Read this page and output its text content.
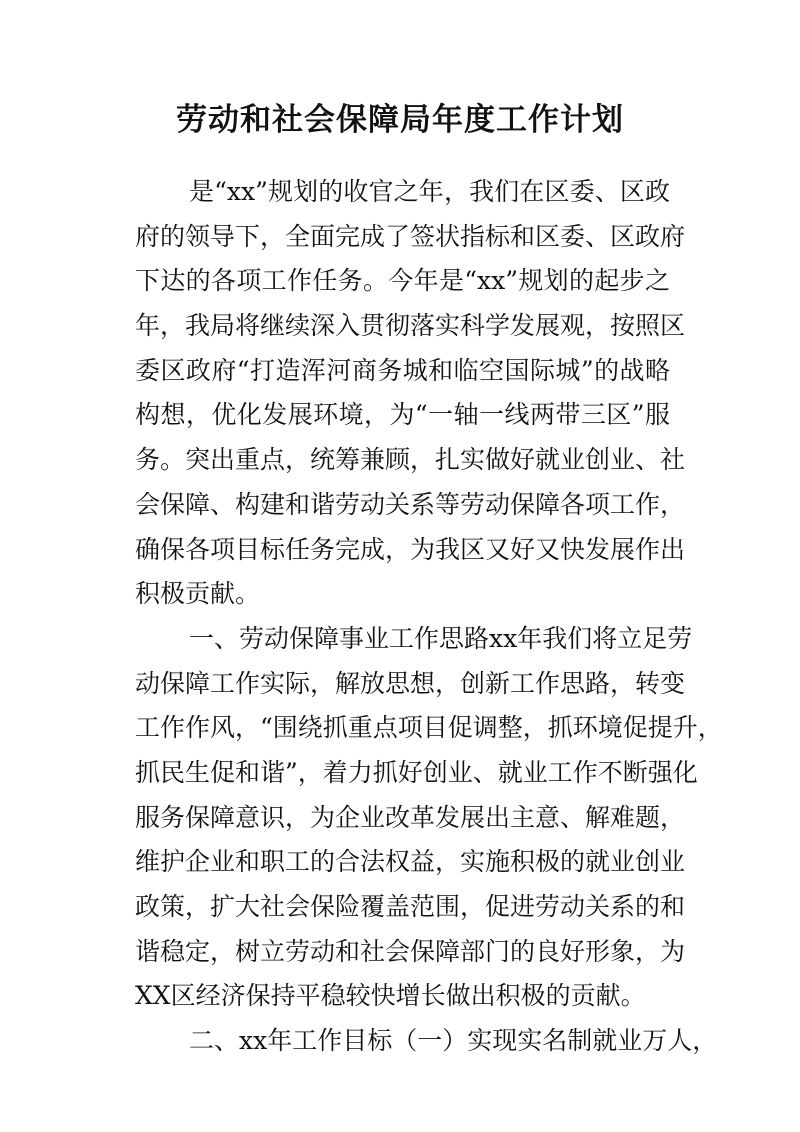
劳动和社会保障局年度工作计划
是“xx”规划的收官之年，我们在区委、区政
府的领导下，全面完成了签状指标和区委、区政府
下达的各项工作任务。今年是“xx”规划的起步之
年，我局将继续深入贯彻落实科学发展观，按照区
委区政府“打造浑河商务城和临空国际城”的战略
构想，优化发展环境，为“一轴一线两带三区”服
务。突出重点，统筹兼顾，扎实做好就业创业、社
会保障、构建和谐劳动关系等劳动保障各项工作，
确保各项目标任务完成，为我区又好又快发展作出
积极贡献。
一、劳动保障事业工作思路xx年我们将立足劳
动保障工作实际，解放思想，创新工作思路，转变
工作作风，“围绕抓重点项目促调整，抓环境促提升，
抓民生促和谐”，着力抓好创业、就业工作不断强化
服务保障意识，为企业改革发展出主意、解难题，
维护企业和职工的合法权益，实施积极的就业创业
政策，扩大社会保险覆盖范围，促进劳动关系的和
谐稳定，树立劳动和社会保障部门的良好形象，为
XX区经济保持平稳较快增长做出积极的贡献。
二、xx年工作目标（一）实现实名制就业万人，
